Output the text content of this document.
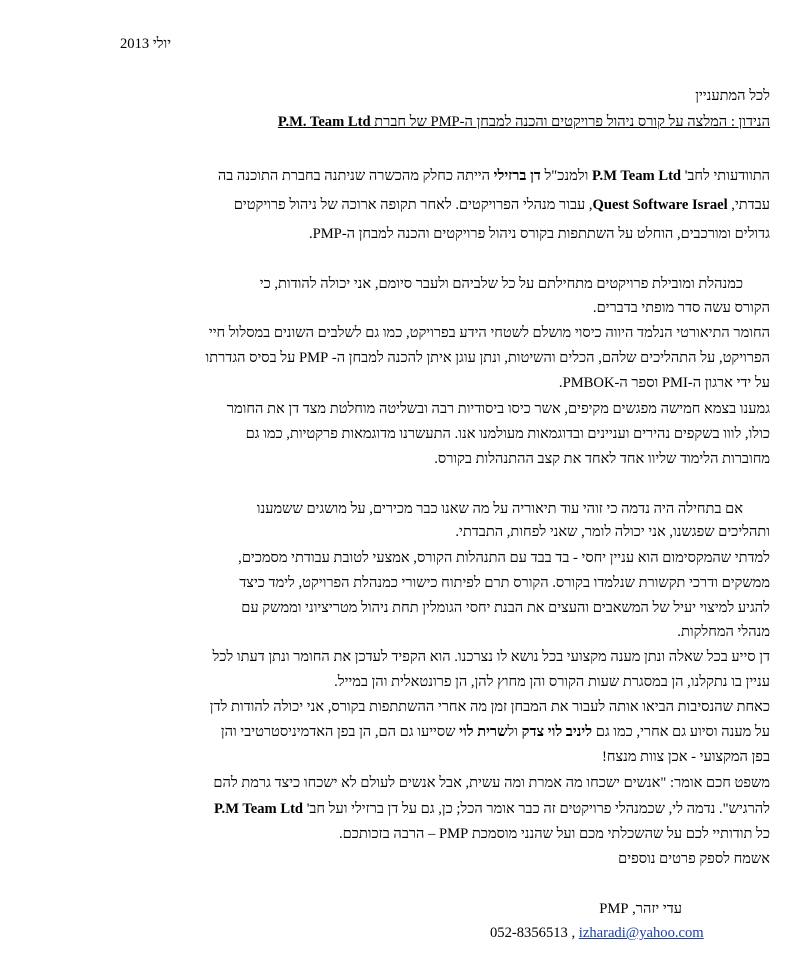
יולי 2013
לכל המתעניין
הנידון : המלצה על קורס ניהול פרויקטים והכנה למבחן ה-PMP של חברת P.M. Team Ltd
התוודעותי לחב' P.M Team Ltd ולמנכ"ל דן ברזילי הייתה כחלק מהכשרה שניתנה בחברת התוכנה בה
עבדתי, Quest Software Israel, עבור מנהלי הפרויקטים. לאחר תקופה ארוכה של ניהול פרויקטים
גדולים ומורכבים, הוחלט על השתתפות בקורס ניהול פרויקטים והכנה למבחן ה-PMP.
כמנהלת ומובילת פרויקטים מתחילתם על כל שלביהם ולעבר סיומם, אני יכולה להודות, כי
הקורס עשה סדר מופתי בדברים.
החומר התיאורטי הנלמד היווה כיסוי מושלם לשטחי הידע בפרויקט, כמו גם לשלבים השונים במסלול חיי
הפרויקט, על התהליכים שלהם, הכלים והשיטות, ונתן עוגן איתן להכנה למבחן ה- PMP על בסיס הגדרתו
על ידי ארגון ה-PMI וספר ה-PMBOK.
גמענו בצמא חמישה מפגשים מקיפים, אשר כיסו ביסודיות רבה ובשליטה מוחלטת מצד דן את החומר
כולו, לווו בשקפים נהירים ועניינים ובדוגמאות מעולמנו אנו. התעשרנו מדוגמאות פרקטיות, כמו גם
מחוברות הלימוד שליוו אחד לאחד את קצב ההתנהלות בקורס.
אם בתחילה היה נדמה כי זוהי עוד תיאוריה על מה שאנו כבר מכירים, על מושגים ששמענו
ותהליכים שפגשנו, אני יכולה לומר, שאני לפחות, התבדתי.
למדתי שהמקסימום הוא עניין יחסי - בד בבד עם התנהלות הקורס, אמצעי לטובת עבודתי מסמכים,
ממשקים ודרכי תקשורת שנלמדו בקורס. הקורס תרם לפיתוח כישורי כמנהלת הפרויקט, לימד כיצד
להגיע למיצוי יעיל של המשאבים והעצים את הבנת יחסי הגומלין תחת ניהול מטריציוני וממשק עם
מנהלי המחלקות.
דן סייע בכל שאלה ונתן מענה מקצועי בכל נושא לו נצרכנו. הוא הקפיד לעדכן את החומר ונתן דעתו לכל
עניין בו נתקלנו, הן במסגרת שעות הקורס והן מחוץ להן, הן פרונטאלית והן במייל.
כאחת שהנסיבות הביאו אותה לעבור את המבחן זמן מה אחרי ההשתתפות בקורס, אני יכולה להודות לדן
על מענה וסיוע גם אחרי, כמו גם ליניב לוי צדק ולשרית לוי שסייעו גם הם, הן בפן האדמיניסטרטיבי והן
בפן המקצועי - אכן צוות מנצח!
משפט חכם אומר: "אנשים ישכחו מה אמרת ומה עשית, אבל אנשים לעולם לא ישכחו כיצד גרמת להם
להרגיש". נדמה לי, שכמנהלי פרויקטים זה כבר אומר הכל; כן, גם על דן ברזילי ועל חב' P.M Team Ltd
כל תודותיי לכם על שהשכלתי מכם ועל שהנני מוסמכת PMP – הרבה בזכותכם.
אשמח לספק פרטים נוספים
עדי יזהר, PMP
052-8356513 , izharadi@yahoo.com
